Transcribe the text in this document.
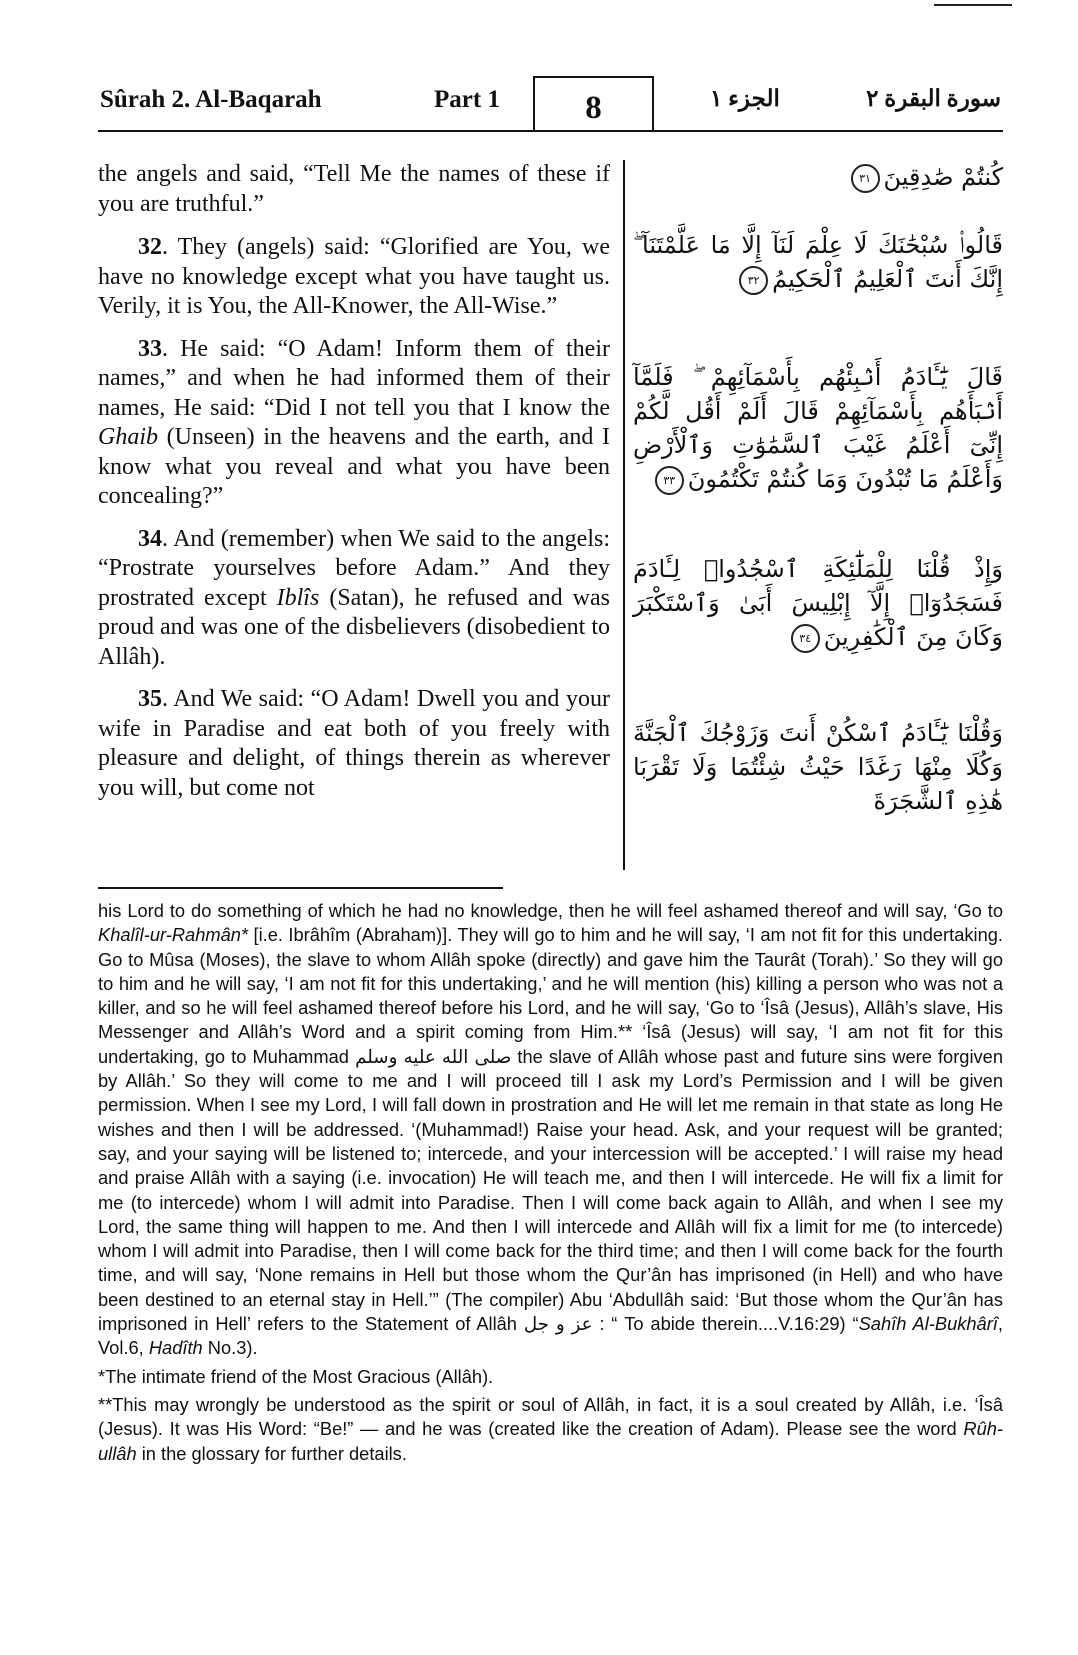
Sûrah 2. Al-Baqarah	Part 1	8	الجزء ١	سورة البقرة ٢

the angels and said, “Tell Me the names of these if you are truthful.”

32. They (angels) said: “Glorified are You, we have no knowledge except what you have taught us. Verily, it is You, the All-Knower, the All-Wise.”

33. He said: “O Adam! Inform them of their names,” and when he had informed them of their names, He said: “Did I not tell you that I know the Ghaib (Unseen) in the heavens and the earth, and I know what you reveal and what you have been concealing?”

34. And (remember) when We said to the angels: “Prostrate yourselves before Adam.” And they prostrated except Iblîs (Satan), he refused and was proud and was one of the disbelievers (disobedient to Allâh).

35. And We said: “O Adam! Dwell you and your wife in Paradise and eat both of you freely with pleasure and delight, of things therein as wherever you will, but come not

كُنتُمْ صَٰدِقِينَ٣١
قَالُوا۟ سُبْحَٰنَكَ لَا عِلْمَ لَنَآ إِلَّا مَا عَلَّمْتَنَآ ۖ إِنَّكَ أَنتَ ٱلْعَلِيمُ ٱلْحَكِيمُ٣٢
قَالَ يَٰٓـَٔادَمُ أَنۢبِئْهُم بِأَسْمَآئِهِمْ ۖ فَلَمَّآ أَنۢبَأَهُم بِأَسْمَآئِهِمْ قَالَ أَلَمْ أَقُل لَّكُمْ إِنِّىٓ أَعْلَمُ غَيْبَ ٱلسَّمَٰوَٰتِ وَٱلْأَرْضِ وَأَعْلَمُ مَا تُبْدُونَ وَمَا كُنتُمْ تَكْتُمُونَ٣٣
وَإِذْ قُلْنَا لِلْمَلَٰٓئِكَةِ ٱسْجُدُوا۟ لِـَٔادَمَ فَسَجَدُوٓا۟ إِلَّآ إِبْلِيسَ أَبَىٰ وَٱسْتَكْبَرَ وَكَانَ مِنَ ٱلْكَٰفِرِينَ٣٤
وَقُلْنَا يَٰٓـَٔادَمُ ٱسْكُنْ أَنتَ وَزَوْجُكَ ٱلْجَنَّةَ وَكُلَا مِنْهَا رَغَدًا حَيْثُ شِئْتُمَا وَلَا تَقْرَبَا هَٰذِهِ ٱلشَّجَرَةَ

his Lord to do something of which he had no knowledge, then he will feel ashamed thereof and will say, ‘Go to Khalîl-ur-Rahmân* [i.e. Ibrâhîm (Abraham)]. They will go to him and he will say, ‘I am not fit for this undertaking. Go to Mûsa (Moses), the slave to whom Allâh spoke (directly) and gave him the Taurât (Torah).’ So they will go to him and he will say, ‘I am not fit for this undertaking,’ and he will mention (his) killing a person who was not a killer, and so he will feel ashamed thereof before his Lord, and he will say, ‘Go to ‘Îsâ (Jesus), Allâh’s slave, His Messenger and Allâh’s Word and a spirit coming from Him.** ‘Îsâ (Jesus) will say, ‘I am not fit for this undertaking, go to Muhammad صلى الله عليه وسلم the slave of Allâh whose past and future sins were forgiven by Allâh.’ So they will come to me and I will proceed till I ask my Lord’s Permission and I will be given permission. When I see my Lord, I will fall down in prostration and He will let me remain in that state as long He wishes and then I will be addressed. ‘(Muhammad!) Raise your head. Ask, and your request will be granted; say, and your saying will be listened to; intercede, and your intercession will be accepted.’ I will raise my head and praise Allâh with a saying (i.e. invocation) He will teach me, and then I will intercede. He will fix a limit for me (to intercede) whom I will admit into Paradise. Then I will come back again to Allâh, and when I see my Lord, the same thing will happen to me. And then I will intercede and Allâh will fix a limit for me (to intercede) whom I will admit into Paradise, then I will come back for the third time; and then I will come back for the fourth time, and will say, ‘None remains in Hell but those whom the Qur’ân has imprisoned (in Hell) and who have been destined to an eternal stay in Hell.’” (The compiler) Abu ‘Abdullâh said: ‘But those whom the Qur’ân has imprisoned in Hell’ refers to the Statement of Allâh عز و جل : “ To abide therein....V.16:29) “Sahîh Al-Bukhârî, Vol.6, Hadîth No.3).

*The intimate friend of the Most Gracious (Allâh).

**This may wrongly be understood as the spirit or soul of Allâh, in fact, it is a soul created by Allâh, i.e. ‘Îsâ (Jesus). It was His Word: “Be!” — and he was (created like the creation of Adam). Please see the word Rûh-ullâh in the glossary for further details.
